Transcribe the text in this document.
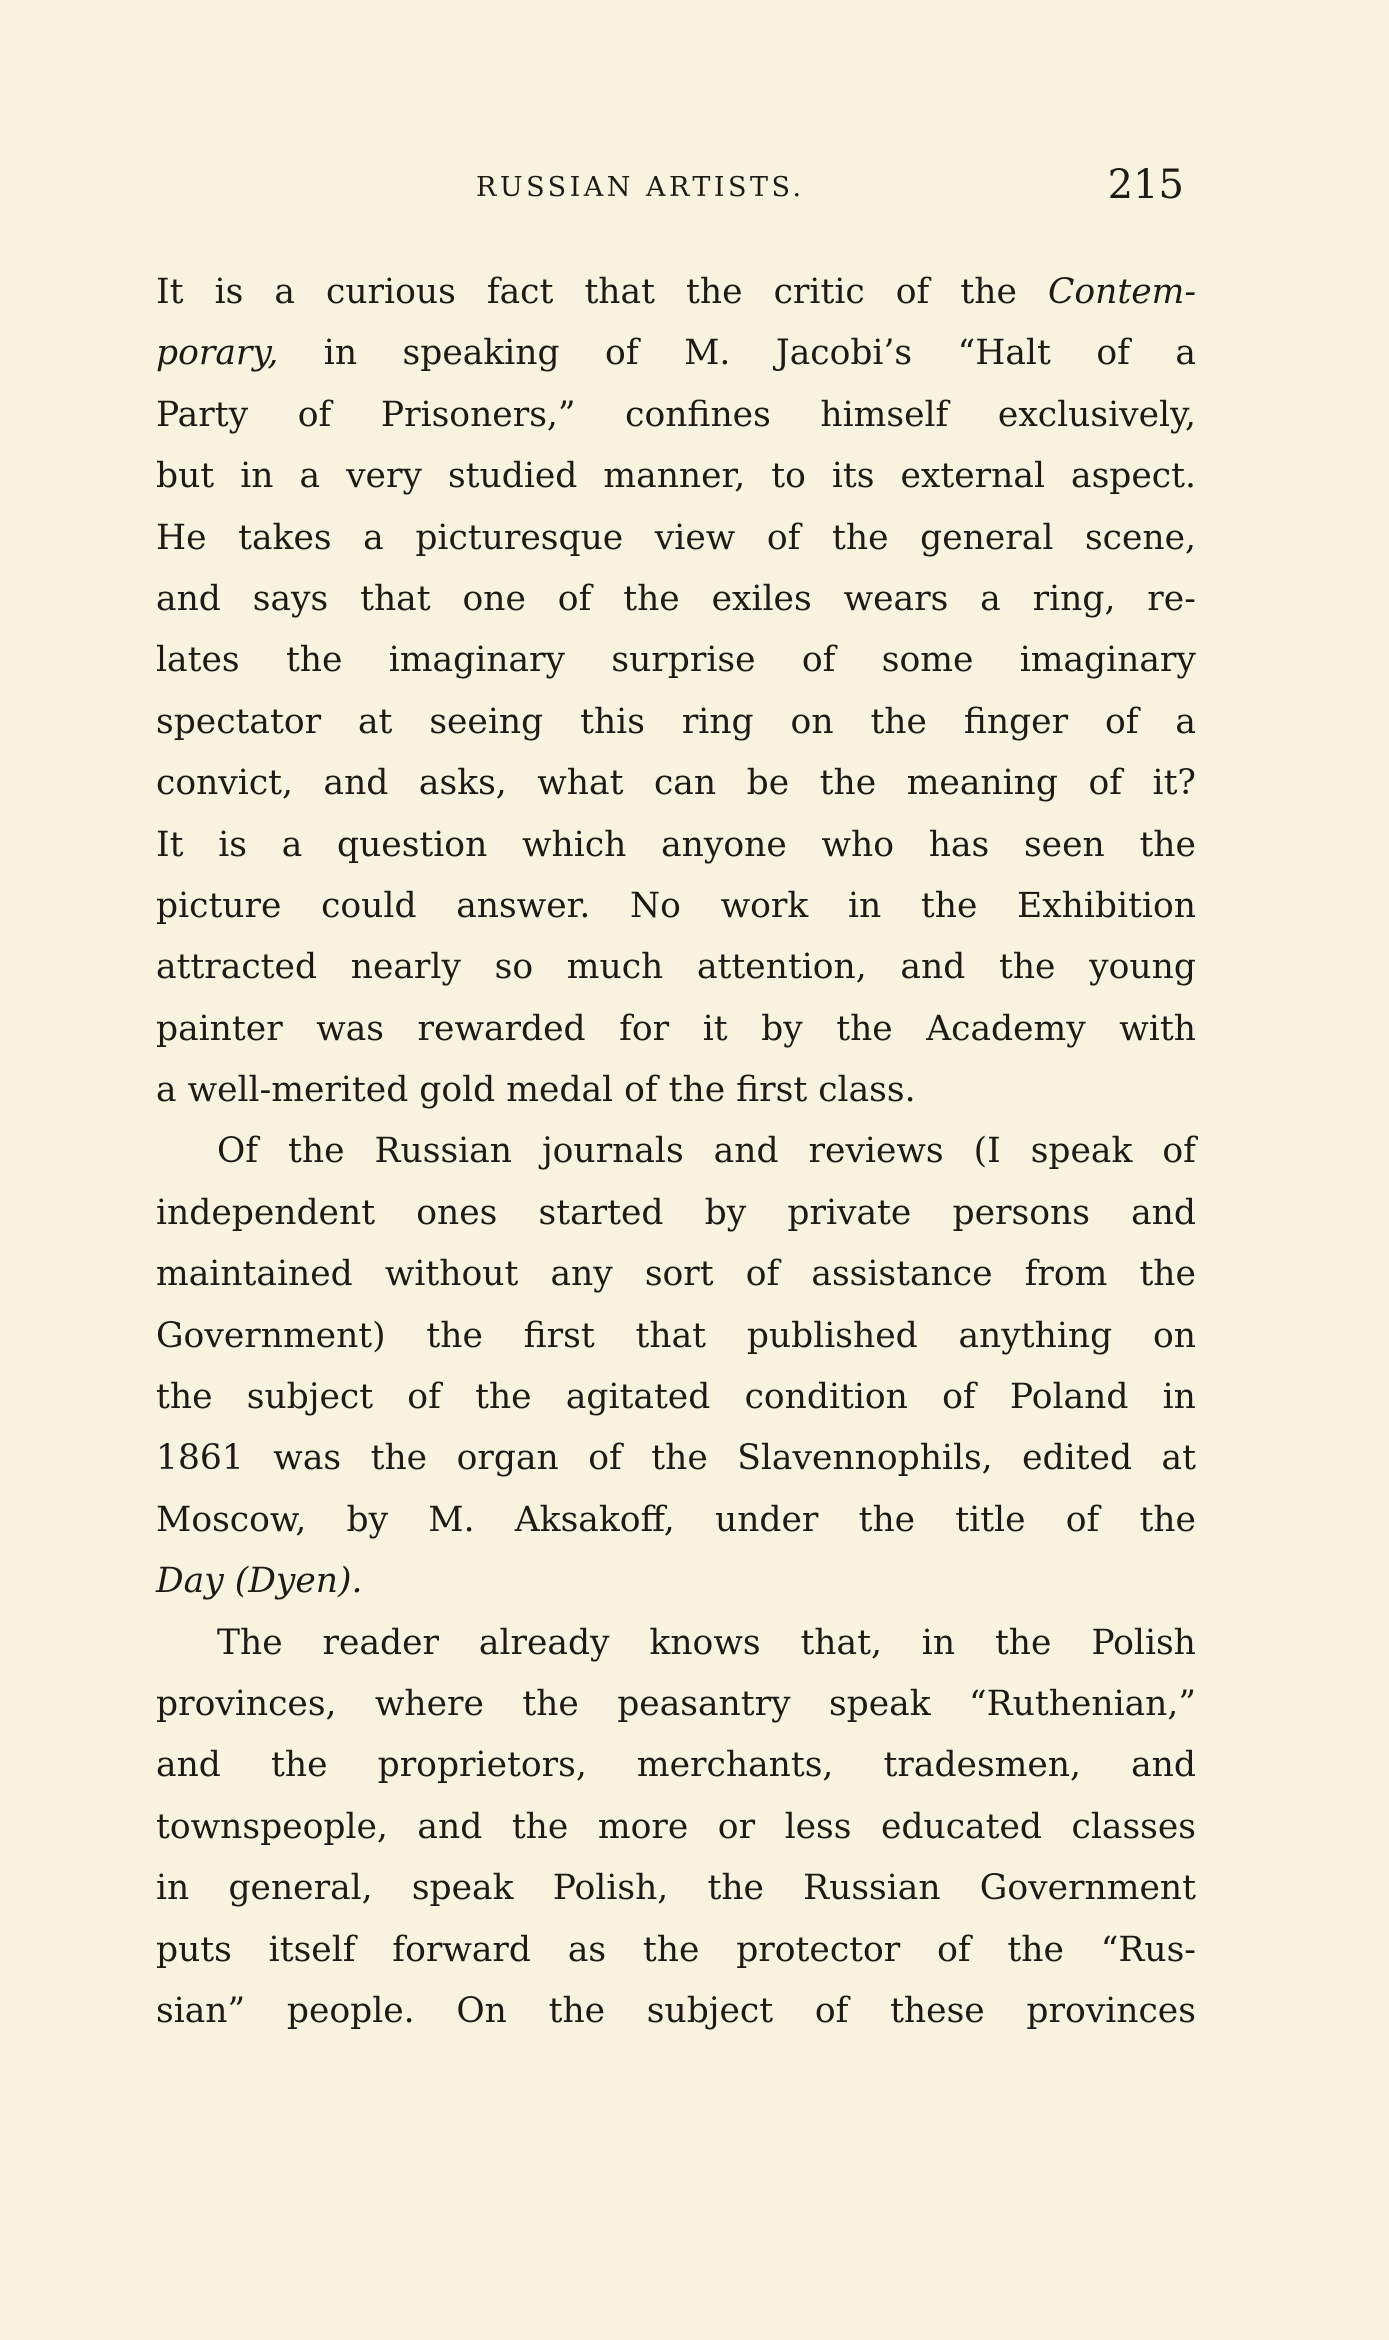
RUSSIAN ARTISTS.	215
It is a curious fact that the critic of the Contem-
porary, in speaking of M. Jacobi’s “Halt of a
Party of Prisoners,” confines himself exclusively,
but in a very studied manner, to its external aspect.
He takes a picturesque view of the general scene,
and says that one of the exiles wears a ring, re-
lates the imaginary surprise of some imaginary
spectator at seeing this ring on the finger of a
convict, and asks, what can be the meaning of it?
It is a question which anyone who has seen the
picture could answer. No work in the Exhibition
attracted nearly so much attention, and the young
painter was rewarded for it by the Academy with
a well-merited gold medal of the first class.
Of the Russian journals and reviews (I speak of
independent ones started by private persons and
maintained without any sort of assistance from the
Government) the first that published anything on
the subject of the agitated condition of Poland in
1861 was the organ of the Slavennophils, edited at
Moscow, by M. Aksakoff, under the title of the
Day (Dyen).
The reader already knows that, in the Polish
provinces, where the peasantry speak “Ruthenian,”
and the proprietors, merchants, tradesmen, and
townspeople, and the more or less educated classes
in general, speak Polish, the Russian Government
puts itself forward as the protector of the “Rus-
sian” people. On the subject of these provinces
